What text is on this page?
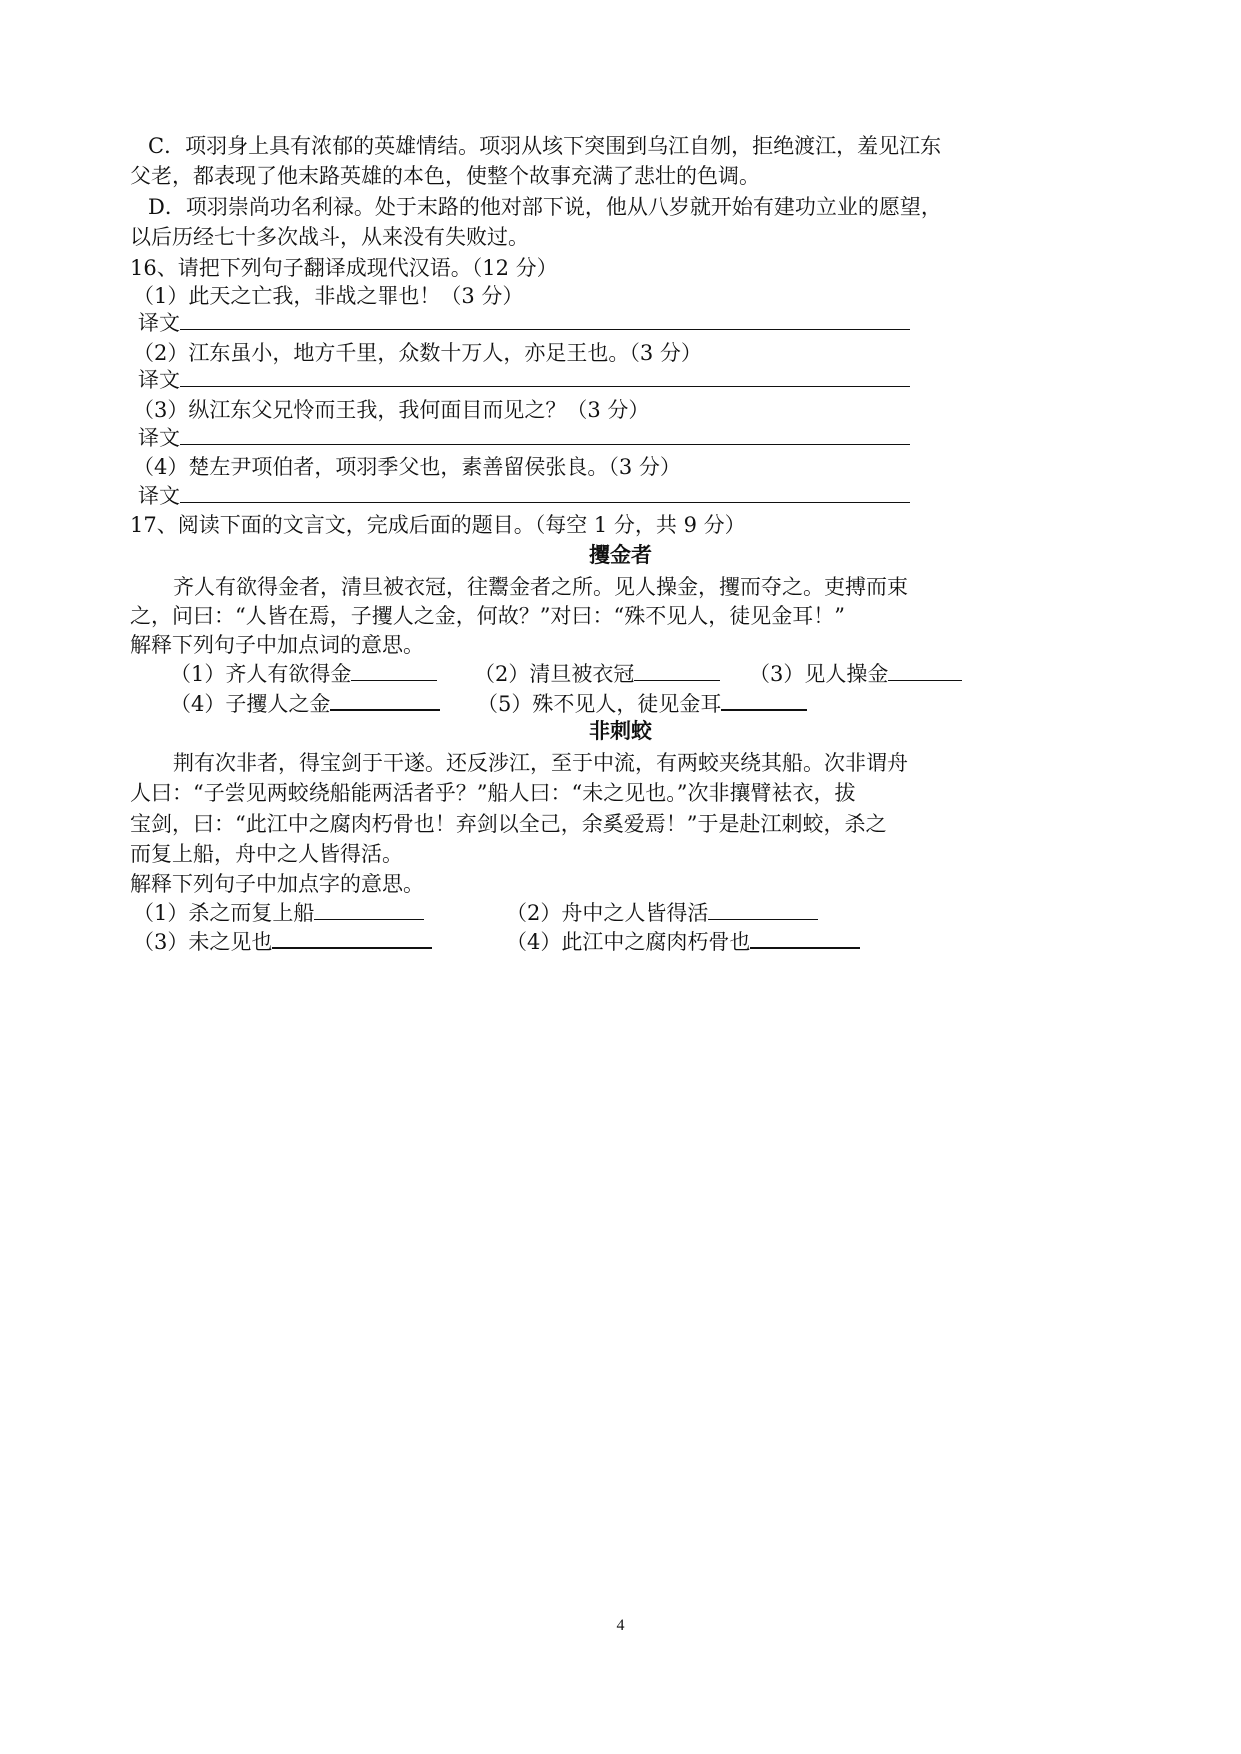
C．项羽身上具有浓郁的英雄情结。项羽从垓下突围到乌江自刎，拒绝渡江，羞见江东
父老，都表现了他末路英雄的本色，使整个故事充满了悲壮的色调。
D．项羽崇尚功名利禄。处于末路的他对部下说，他从八岁就开始有建功立业的愿望，
以后历经七十多次战斗，从来没有失败过。
16、请把下列句子翻译成现代汉语。（12 分）
（1）此天之亡我，非战之罪也！（3 分）
译文
（2）江东虽小，地方千里，众数十万人，亦足王也。（3 分）
译文
（3）纵江东父兄怜而王我，我何面目而见之？（3 分）
译文
（4）楚左尹项伯者，项羽季父也，素善留侯张良。（3 分）
译文
17、阅读下面的文言文，完成后面的题目。（每空 1 分，共 9 分）
攫金者
齐人有欲得金者，清旦被衣冠，往鬻金者之所。见人操金，攫而夺之。吏搏而束
之，问曰：“人皆在焉，子攫人之金，何故？”对曰：“殊不见人，徒见金耳！”
解释下列句子中加点词的意思。
（1）齐人有欲得金	（2）清旦被衣冠	（3）见人操金
（4）子攫人之金	（5）殊不见人，徒见金耳
非刺蛟
荆有次非者，得宝剑于干遂。还反涉江，至于中流，有两蛟夹绕其船。次非谓舟
人曰：“子尝见两蛟绕船能两活者乎？”船人曰：“未之见也。”次非攘臂袪衣，拔
宝剑，曰：“此江中之腐肉朽骨也！弃剑以全己，余奚爱焉！”于是赴江刺蛟，杀之
而复上船，舟中之人皆得活。
解释下列句子中加点字的意思。
（1）杀之而复上船	（2）舟中之人皆得活
（3）未之见也	（4）此江中之腐肉朽骨也
4
